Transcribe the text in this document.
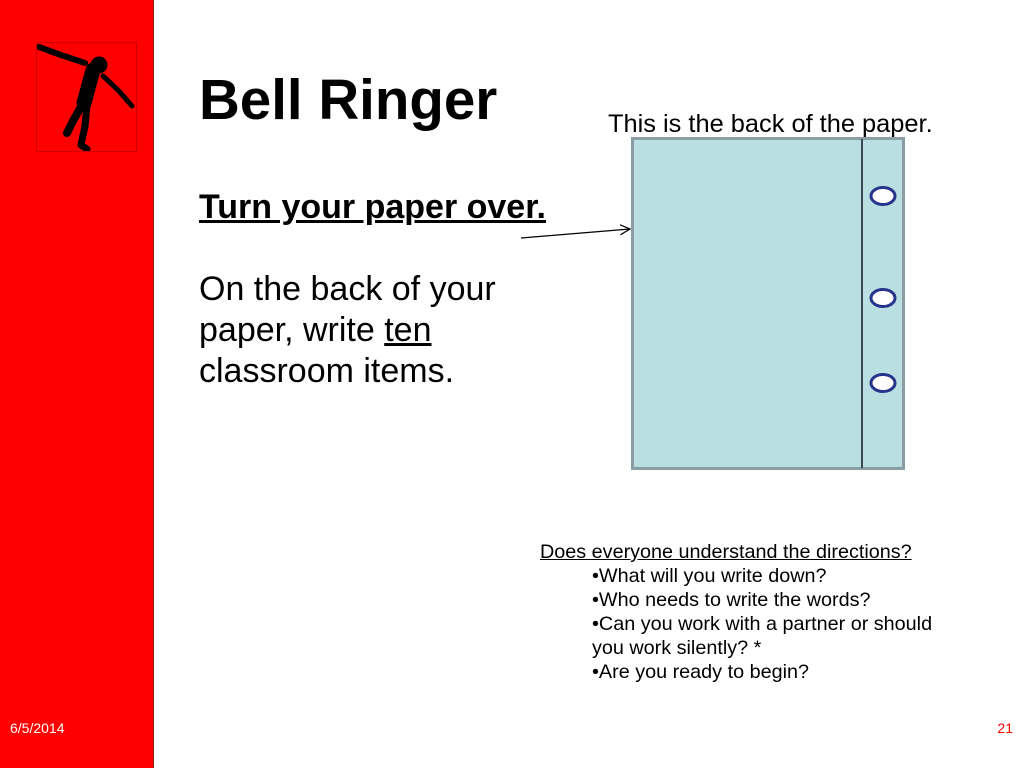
6/5/2014
Bell Ringer
Turn your paper over.
On the back of your paper, write ten classroom items.
This is the back of the paper.
Does everyone understand the directions?
•What will you write down?
•Who needs to write the words?
•Can you work with a partner or should you work silently? *
•Are you ready to begin?
21
